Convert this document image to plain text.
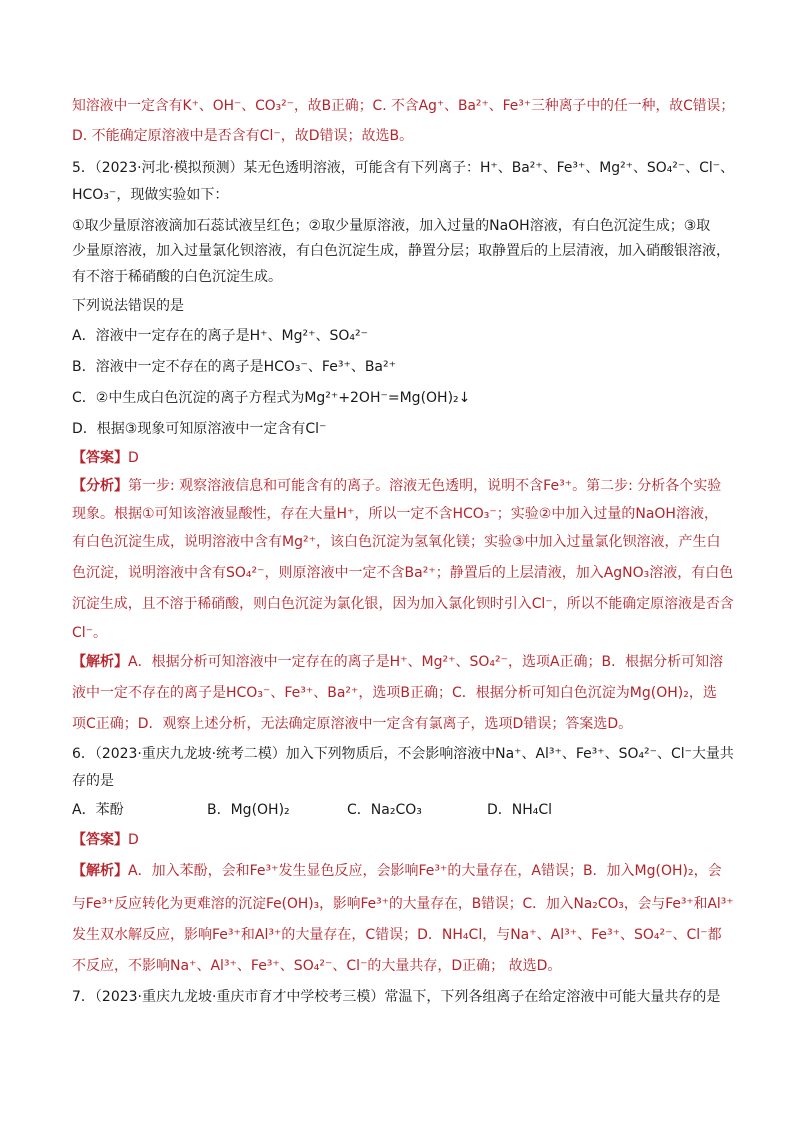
知溶液中一定含有K⁺、OH⁻、CO₃²⁻，故B正确；C. 不含Ag⁺、Ba²⁺、Fe³⁺三种离子中的任一种，故C错误；
D. 不能确定原溶液中是否含有Cl⁻，故D错误；故选B。
5．（2023·河北·模拟预测）某无色透明溶液，可能含有下列离子：H⁺、Ba²⁺、Fe³⁺、Mg²⁺、SO₄²⁻、Cl⁻、
HCO₃⁻，现做实验如下：
①取少量原溶液滴加石蕊试液呈红色；②取少量原溶液，加入过量的NaOH溶液，有白色沉淀生成；③取
少量原溶液，加入过量氯化钡溶液，有白色沉淀生成，静置分层；取静置后的上层清液，加入硝酸银溶液，
有不溶于稀硝酸的白色沉淀生成。
下列说法错误的是
A．溶液中一定存在的离子是H⁺、Mg²⁺、SO₄²⁻
B．溶液中一定不存在的离子是HCO₃⁻、Fe³⁺、Ba²⁺
C．②中生成白色沉淀的离子方程式为Mg²⁺+2OH⁻=Mg(OH)₂↓
D．根据③现象可知原溶液中一定含有Cl⁻
【答案】D
【分析】第一步: 观察溶液信息和可能含有的离子。溶液无色透明，说明不含Fe³⁺。第二步: 分析各个实验
现象。根据①可知该溶液显酸性，存在大量H⁺，所以一定不含HCO₃⁻；实验②中加入过量的NaOH溶液，
有白色沉淀生成，说明溶液中含有Mg²⁺，该白色沉淀为氢氧化镁；实验③中加入过量氯化钡溶液，产生白
色沉淀，说明溶液中含有SO₄²⁻，则原溶液中一定不含Ba²⁺；静置后的上层清液，加入AgNO₃溶液，有白色
沉淀生成，且不溶于稀硝酸，则白色沉淀为氯化银，因为加入氯化钡时引入Cl⁻，所以不能确定原溶液是否含
Cl⁻。
【解析】A．根据分析可知溶液中一定存在的离子是H⁺、Mg²⁺、SO₄²⁻，选项A正确；B．根据分析可知溶
液中一定不存在的离子是HCO₃⁻、Fe³⁺、Ba²⁺，选项B正确；C．根据分析可知白色沉淀为Mg(OH)₂，选
项C正确；D．观察上述分析，无法确定原溶液中一定含有氯离子，选项D错误；答案选D。
6．（2023·重庆九龙坡·统考二模）加入下列物质后，不会影响溶液中Na⁺、Al³⁺、Fe³⁺、SO₄²⁻、Cl⁻大量共
存的是
A．苯酚	B．Mg(OH)₂	C．Na₂CO₃	D．NH₄Cl
【答案】D
【解析】A．加入苯酚，会和Fe³⁺发生显色反应，会影响Fe³⁺的大量存在，A错误；B．加入Mg(OH)₂，会
与Fe³⁺反应转化为更难溶的沉淀Fe(OH)₃，影响Fe³⁺的大量存在，B错误；C．加入Na₂CO₃，会与Fe³⁺和Al³⁺
发生双水解反应，影响Fe³⁺和Al³⁺的大量存在，C错误；D．NH₄Cl，与Na⁺、Al³⁺、Fe³⁺、SO₄²⁻、Cl⁻都
不反应，不影响Na⁺、Al³⁺、Fe³⁺、SO₄²⁻、Cl⁻的大量共存，D正确； 故选D。
7．（2023·重庆九龙坡·重庆市育才中学校考三模）常温下，下列各组离子在给定溶液中可能大量共存的是
